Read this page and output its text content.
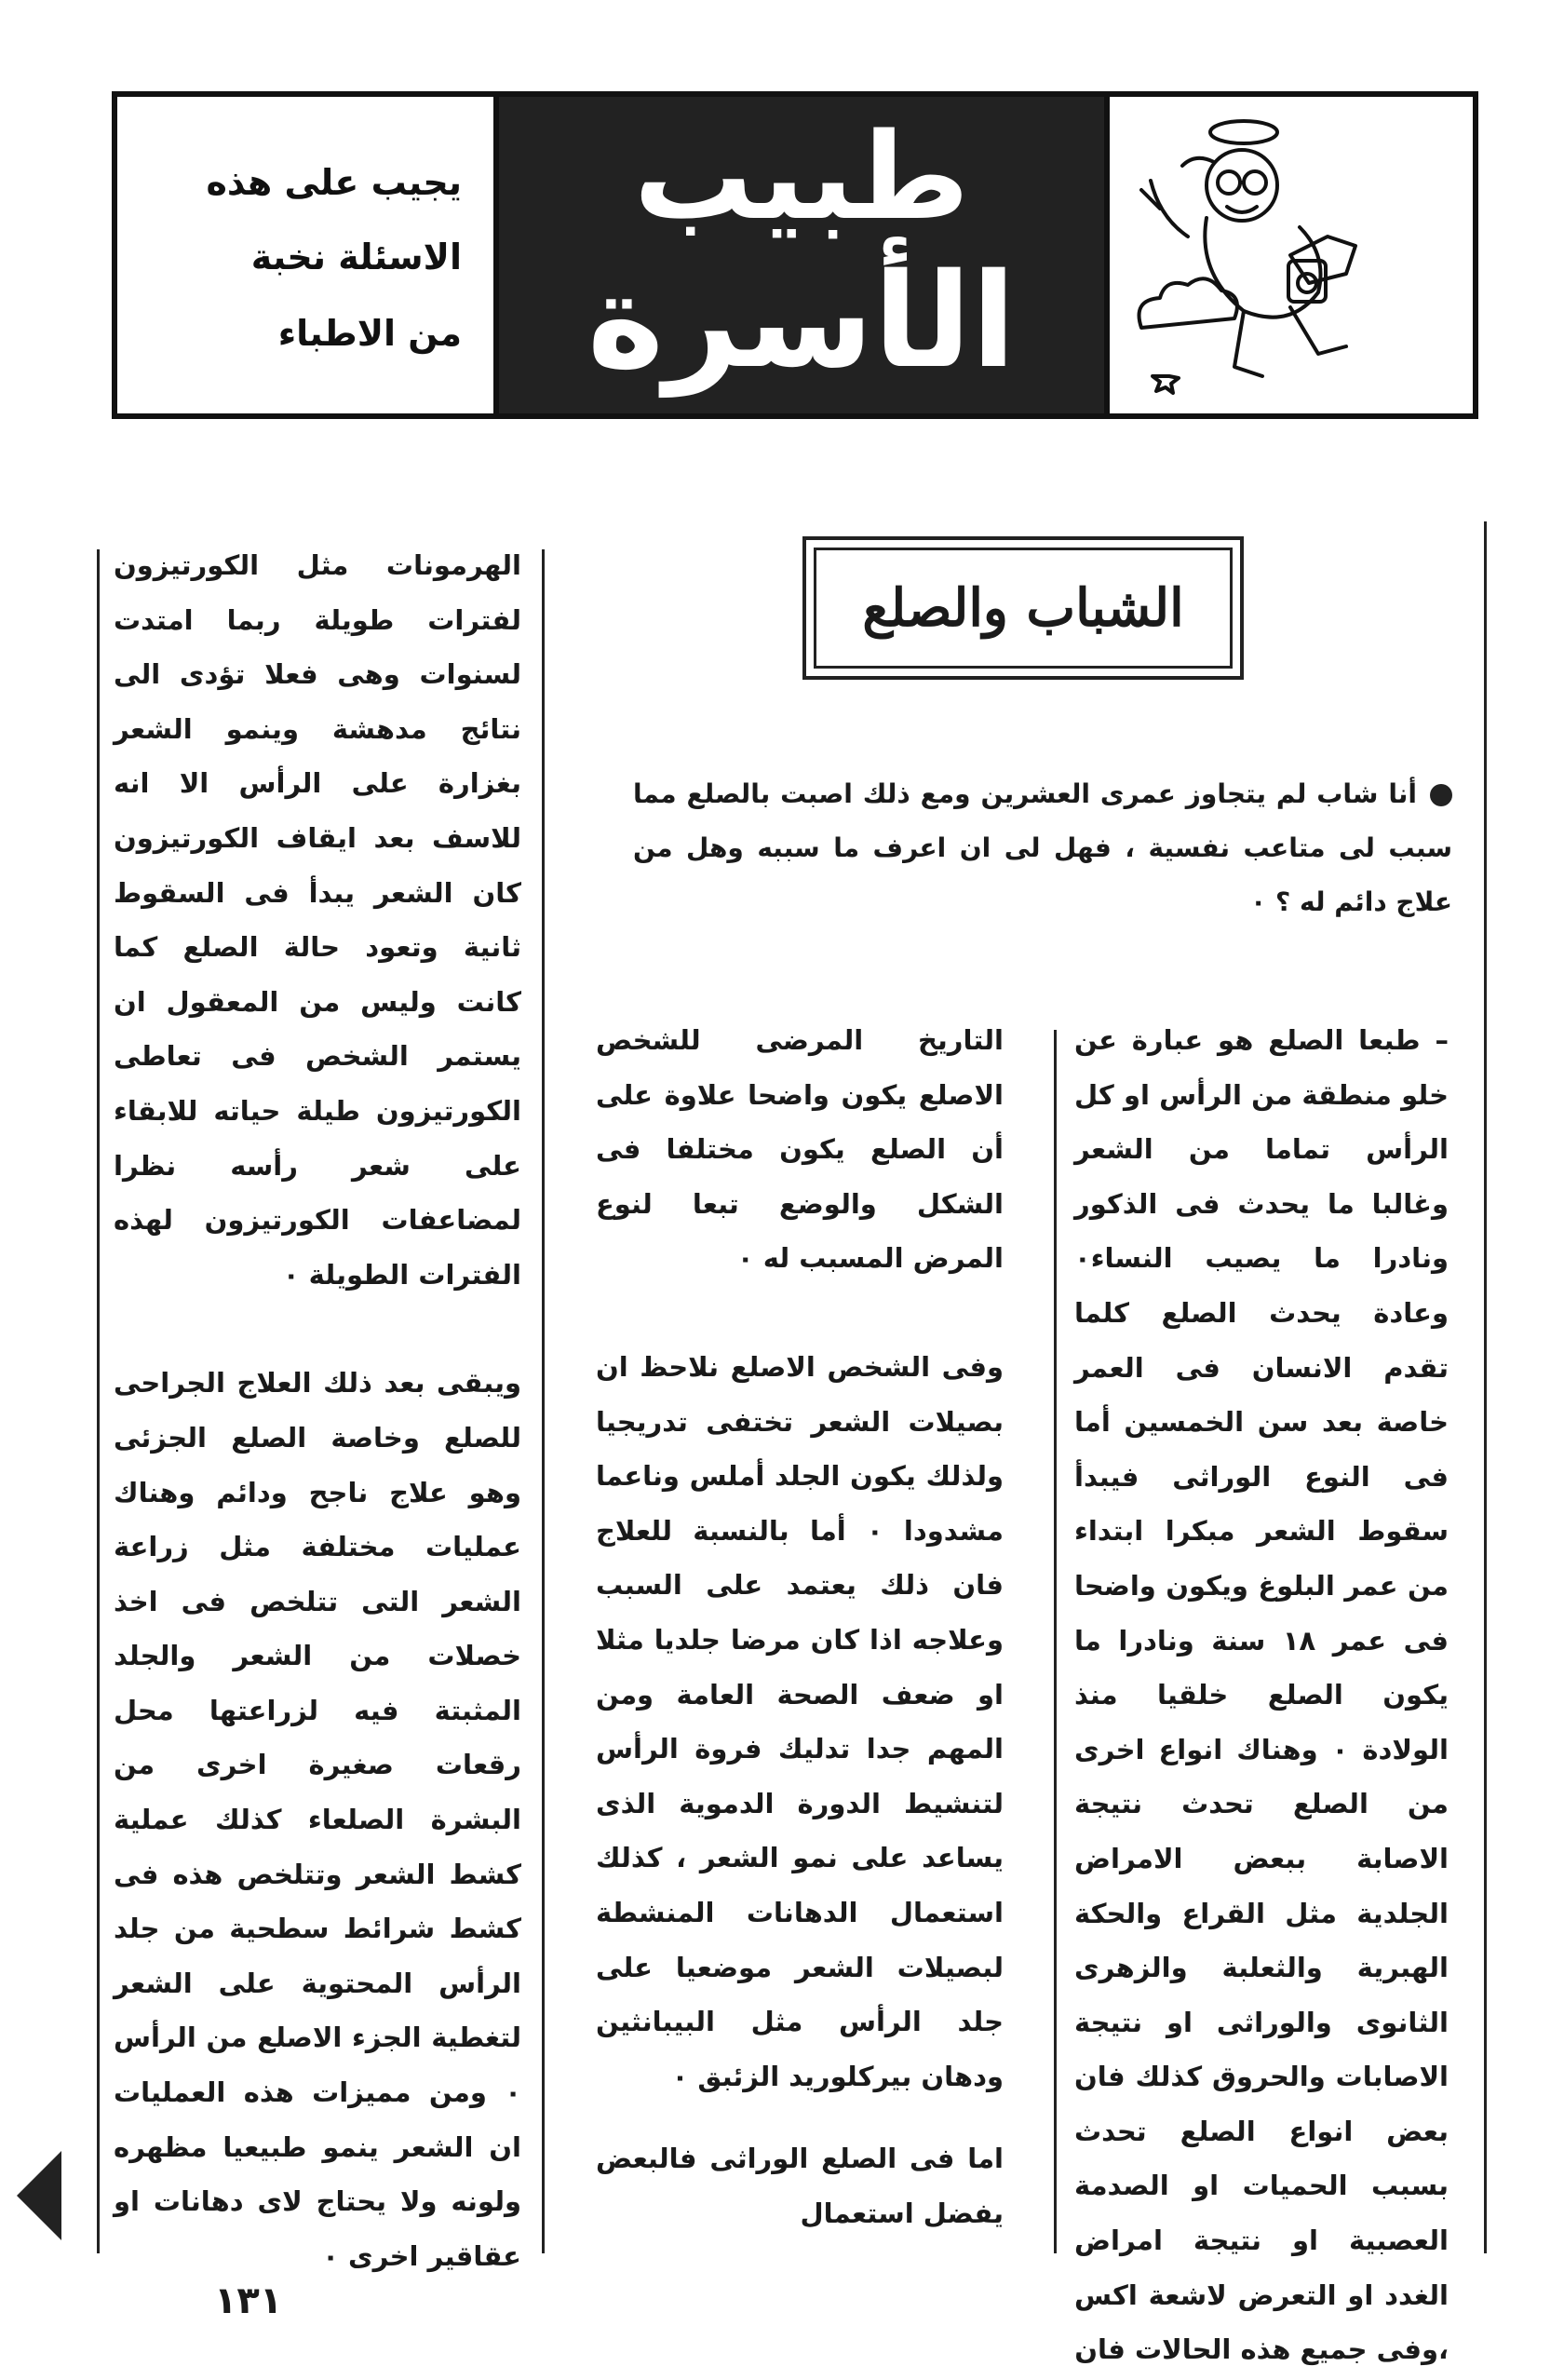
يجيب على هذه
الاسئلة نخبة
من الاطباء
طبيب
الأسرة
الشباب والصلع
أنا شاب لم يتجاوز عمرى العشرين ومع ذلك اصبت بالصلع مما سبب لى متاعب نفسية ، فهل لى ان اعرف ما سببه وهل من علاج دائم له ؟ ٠

– طبعا الصلع هو عبارة عن خلو منطقة من الرأس او كل الرأس تماما من الشعر وغالبا ما يحدث فى الذكور ونادرا ما يصيب النساء٠ وعادة يحدث الصلع كلما تقدم الانسان فى العمر خاصة بعد سن الخمسين أما فى النوع الوراثى فيبدأ سقوط الشعر مبكرا ابتداء من عمر البلوغ ويكون واضحا فى عمر ١٨ سنة ونادرا ما يكون الصلع خلقيا منذ الولادة ٠ وهناك انواع اخرى من الصلع تحدث نتيجة الاصابة ببعض الامراض الجلدية مثل القراع والحكة الهبرية والثعلبة والزهرى الثانوى والوراثى او نتيجة الاصابات والحروق كذلك فان بعض انواع الصلع تحدث بسبب الحميات او الصدمة العصبية او نتيجة امراض الغدد او التعرض لاشعة اكس ،وفى جميع هذه الحالات فان

التاريخ المرضى للشخص الاصلع يكون واضحا علاوة على أن الصلع يكون مختلفا فى الشكل والوضع تبعا لنوع المرض المسبب له ٠

وفى الشخص الاصلع نلاحظ ان بصيلات الشعر تختفى تدريجيا ولذلك يكون الجلد أملس وناعما مشدودا ٠ أما بالنسبة للعلاج فان ذلك يعتمد على السبب وعلاجه اذا كان مرضا جلديا مثلا او ضعف الصحة العامة ومن المهم جدا تدليك فروة الرأس لتنشيط الدورة الدموية الذى يساعد على نمو الشعر ، كذلك استعمال الدهانات المنشطة لبصيلات الشعر موضعيا على جلد الرأس مثل البيبانثين ودهان بيركلوريد الزئبق ٠

اما فى الصلع الوراثى فالبعض يفضل استعمال

الهرمونات مثل الكورتيزون لفترات طويلة ربما امتدت لسنوات وهى فعلا تؤدى الى نتائج مدهشة وينمو الشعر بغزارة على الرأس الا انه للاسف بعد ايقاف الكورتيزون كان الشعر يبدأ فى السقوط ثانية وتعود حالة الصلع كما كانت وليس من المعقول ان يستمر الشخص فى تعاطى الكورتيزون طيلة حياته للابقاء على شعر رأسه نظرا لمضاعفات الكورتيزون لهذه الفترات الطويلة ٠

ويبقى بعد ذلك العلاج الجراحى للصلع وخاصة الصلع الجزئى وهو علاج ناجح ودائم وهناك عمليات مختلفة مثل زراعة الشعر التى تتلخص فى اخذ خصلات من الشعر والجلد المثبتة فيه لزراعتها محل رقعات صغيرة اخرى من البشرة الصلعاء كذلك عملية كشط الشعر وتتلخص هذه فى كشط شرائط سطحية من جلد الرأس المحتوية على الشعر لتغطية الجزء الاصلع من الرأس ٠ ومن مميزات هذه العمليات ان الشعر ينمو طبيعيا مظهره ولونه ولا يحتاج لاى دهانات او عقاقير اخرى ٠

١٣١
